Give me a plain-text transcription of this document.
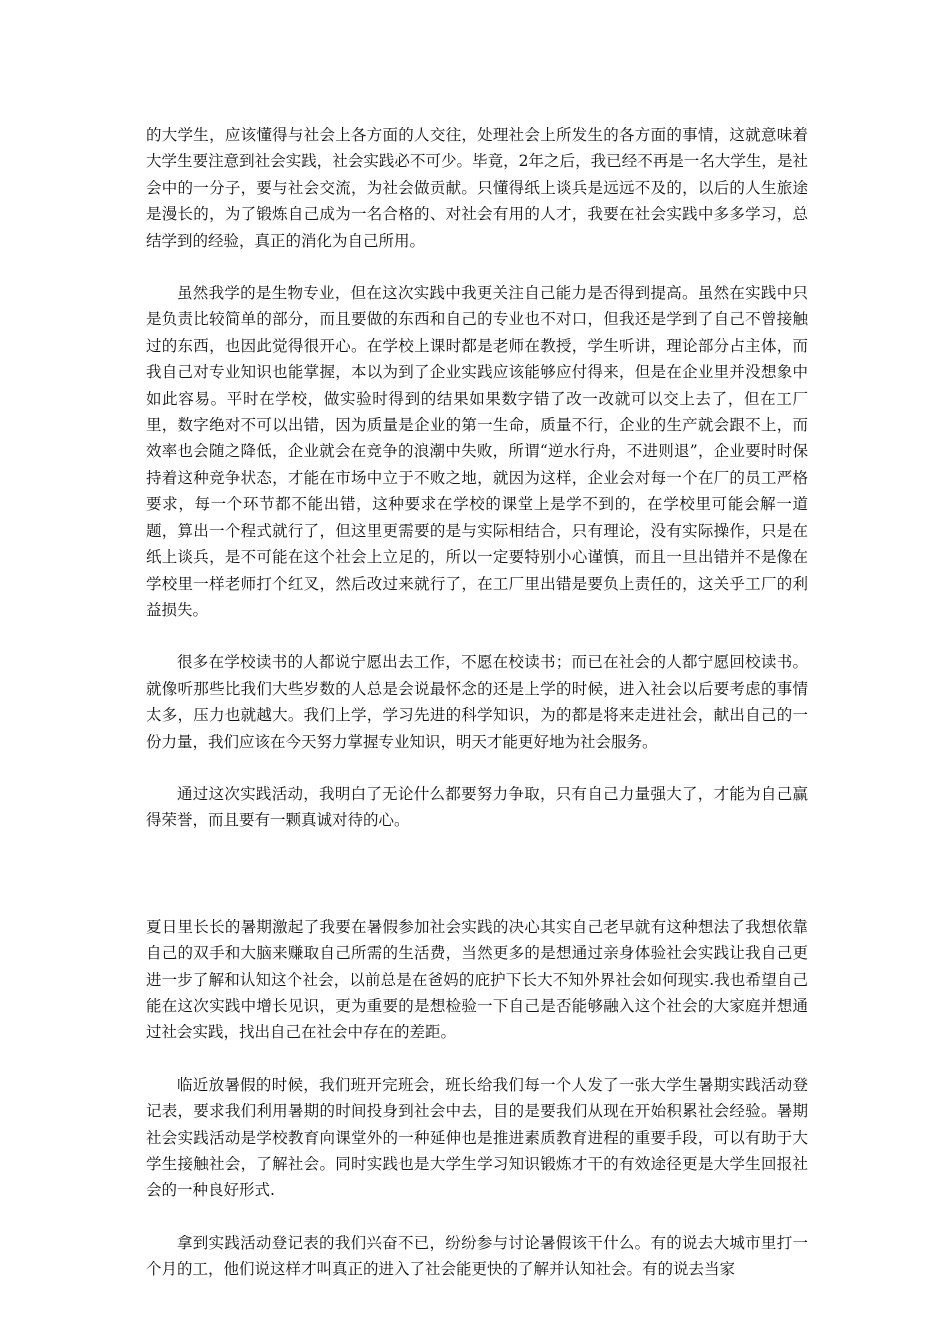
的大学生，应该懂得与社会上各方面的人交往，处理社会上所发生的各方面的事情，这就意味着大学生要注意到社会实践，社会实践必不可少。毕竟，2年之后，我已经不再是一名大学生，是社会中的一分子，要与社会交流，为社会做贡献。只懂得纸上谈兵是远远不及的，以后的人生旅途是漫长的，为了锻炼自己成为一名合格的、对社会有用的人才，我要在社会实践中多多学习，总结学到的经验，真正的消化为自己所用。

虽然我学的是生物专业，但在这次实践中我更关注自己能力是否得到提高。虽然在实践中只是负责比较简单的部分，而且要做的东西和自己的专业也不对口，但我还是学到了自己不曾接触过的东西，也因此觉得很开心。在学校上课时都是老师在教授，学生听讲，理论部分占主体，而我自己对专业知识也能掌握，本以为到了企业实践应该能够应付得来，但是在企业里并没想象中如此容易。平时在学校，做实验时得到的结果如果数字错了改一改就可以交上去了，但在工厂里，数字绝对不可以出错，因为质量是企业的第一生命，质量不行，企业的生产就会跟不上，而效率也会随之降低，企业就会在竞争的浪潮中失败，所谓“逆水行舟，不进则退”，企业要时时保持着这种竞争状态，才能在市场中立于不败之地，就因为这样，企业会对每一个在厂的员工严格要求，每一个环节都不能出错，这种要求在学校的课堂上是学不到的，在学校里可能会解一道题，算出一个程式就行了，但这里更需要的是与实际相结合，只有理论，没有实际操作，只是在纸上谈兵，是不可能在这个社会上立足的，所以一定要特别小心谨慎，而且一旦出错并不是像在学校里一样老师打个红叉，然后改过来就行了，在工厂里出错是要负上责任的，这关乎工厂的利益损失。

很多在学校读书的人都说宁愿出去工作，不愿在校读书；而已在社会的人都宁愿回校读书。就像听那些比我们大些岁数的人总是会说最怀念的还是上学的时候，进入社会以后要考虑的事情太多，压力也就越大。我们上学，学习先进的科学知识，为的都是将来走进社会，献出自己的一份力量，我们应该在今天努力掌握专业知识，明天才能更好地为社会服务。

通过这次实践活动，我明白了无论什么都要努力争取，只有自己力量强大了，才能为自己赢得荣誉，而且要有一颗真诚对待的心。

夏日里长长的暑期激起了我要在暑假参加社会实践的决心其实自己老早就有这种想法了我想依靠自己的双手和大脑来赚取自己所需的生活费，当然更多的是想通过亲身体验社会实践让我自己更进一步了解和认知这个社会，以前总是在爸妈的庇护下长大不知外界社会如何现实.我也希望自己能在这次实践中增长见识，更为重要的是想检验一下自己是否能够融入这个社会的大家庭并想通过社会实践，找出自己在社会中存在的差距。

临近放暑假的时候，我们班开完班会，班长给我们每一个人发了一张大学生暑期实践活动登记表，要求我们利用暑期的时间投身到社会中去，目的是要我们从现在开始积累社会经验。暑期社会实践活动是学校教育向课堂外的一种延伸也是推进素质教育进程的重要手段，可以有助于大学生接触社会，了解社会。同时实践也是大学生学习知识锻炼才干的有效途径更是大学生回报社会的一种良好形式.

拿到实践活动登记表的我们兴奋不已，纷纷参与讨论暑假该干什么。有的说去大城市里打一个月的工，他们说这样才叫真正的进入了社会能更快的了解并认知社会。有的说去当家
